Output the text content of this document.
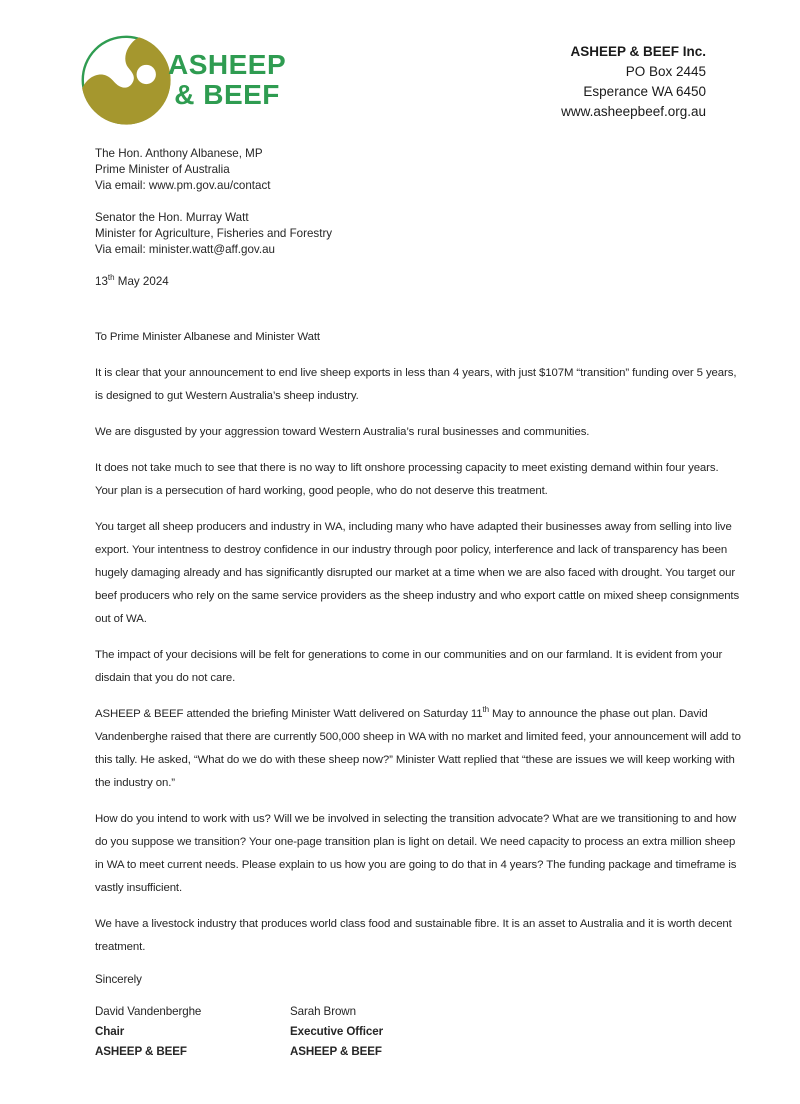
ASHEEP
& BEEF
ASHEEP & BEEF Inc.
PO Box 2445
Esperance WA 6450
www.asheepbeef.org.au

The Hon. Anthony Albanese, MP

Prime Minister of Australia

Via email: www.pm.gov.au/contact

Senator the Hon. Murray Watt

Minister for Agriculture, Fisheries and Forestry

Via email: minister.watt@aff.gov.au

13th May 2024

To Prime Minister Albanese and Minister Watt

It is clear that your announcement to end live sheep exports in less than 4 years, with just $107M “transition” funding over 5 years, is designed to gut Western Australia’s sheep industry.

We are disgusted by your aggression toward Western Australia’s rural businesses and communities.

It does not take much to see that there is no way to lift onshore processing capacity to meet existing demand within four years. Your plan is a persecution of hard working, good people, who do not deserve this treatment.

You target all sheep producers and industry in WA, including many who have adapted their businesses away from selling into live export. Your intentness to destroy confidence in our industry through poor policy, interference and lack of transparency has been hugely damaging already and has significantly disrupted our market at a time when we are also faced with drought. You target our beef producers who rely on the same service providers as the sheep industry and who export cattle on mixed sheep consignments out of WA.

The impact of your decisions will be felt for generations to come in our communities and on our farmland. It is evident from your disdain that you do not care.

ASHEEP & BEEF attended the briefing Minister Watt delivered on Saturday 11th May to announce the phase out plan. David Vandenberghe raised that there are currently 500,000 sheep in WA with no market and limited feed, your announcement will add to this tally. He asked, “What do we do with these sheep now?” Minister Watt replied that “these are issues we will keep working with the industry on.”

How do you intend to work with us? Will we be involved in selecting the transition advocate? What are we transitioning to and how do you suppose we transition? Your one-page transition plan is light on detail. We need capacity to process an extra million sheep in WA to meet current needs. Please explain to us how you are going to do that in 4 years? The funding package and timeframe is vastly insufficient.

We have a livestock industry that produces world class food and sustainable fibre. It is an asset to Australia and it is worth decent treatment.

Sincerely

David Vandenberghe
Chair
ASHEEP & BEEF
Sarah Brown
Executive Officer
ASHEEP & BEEF
